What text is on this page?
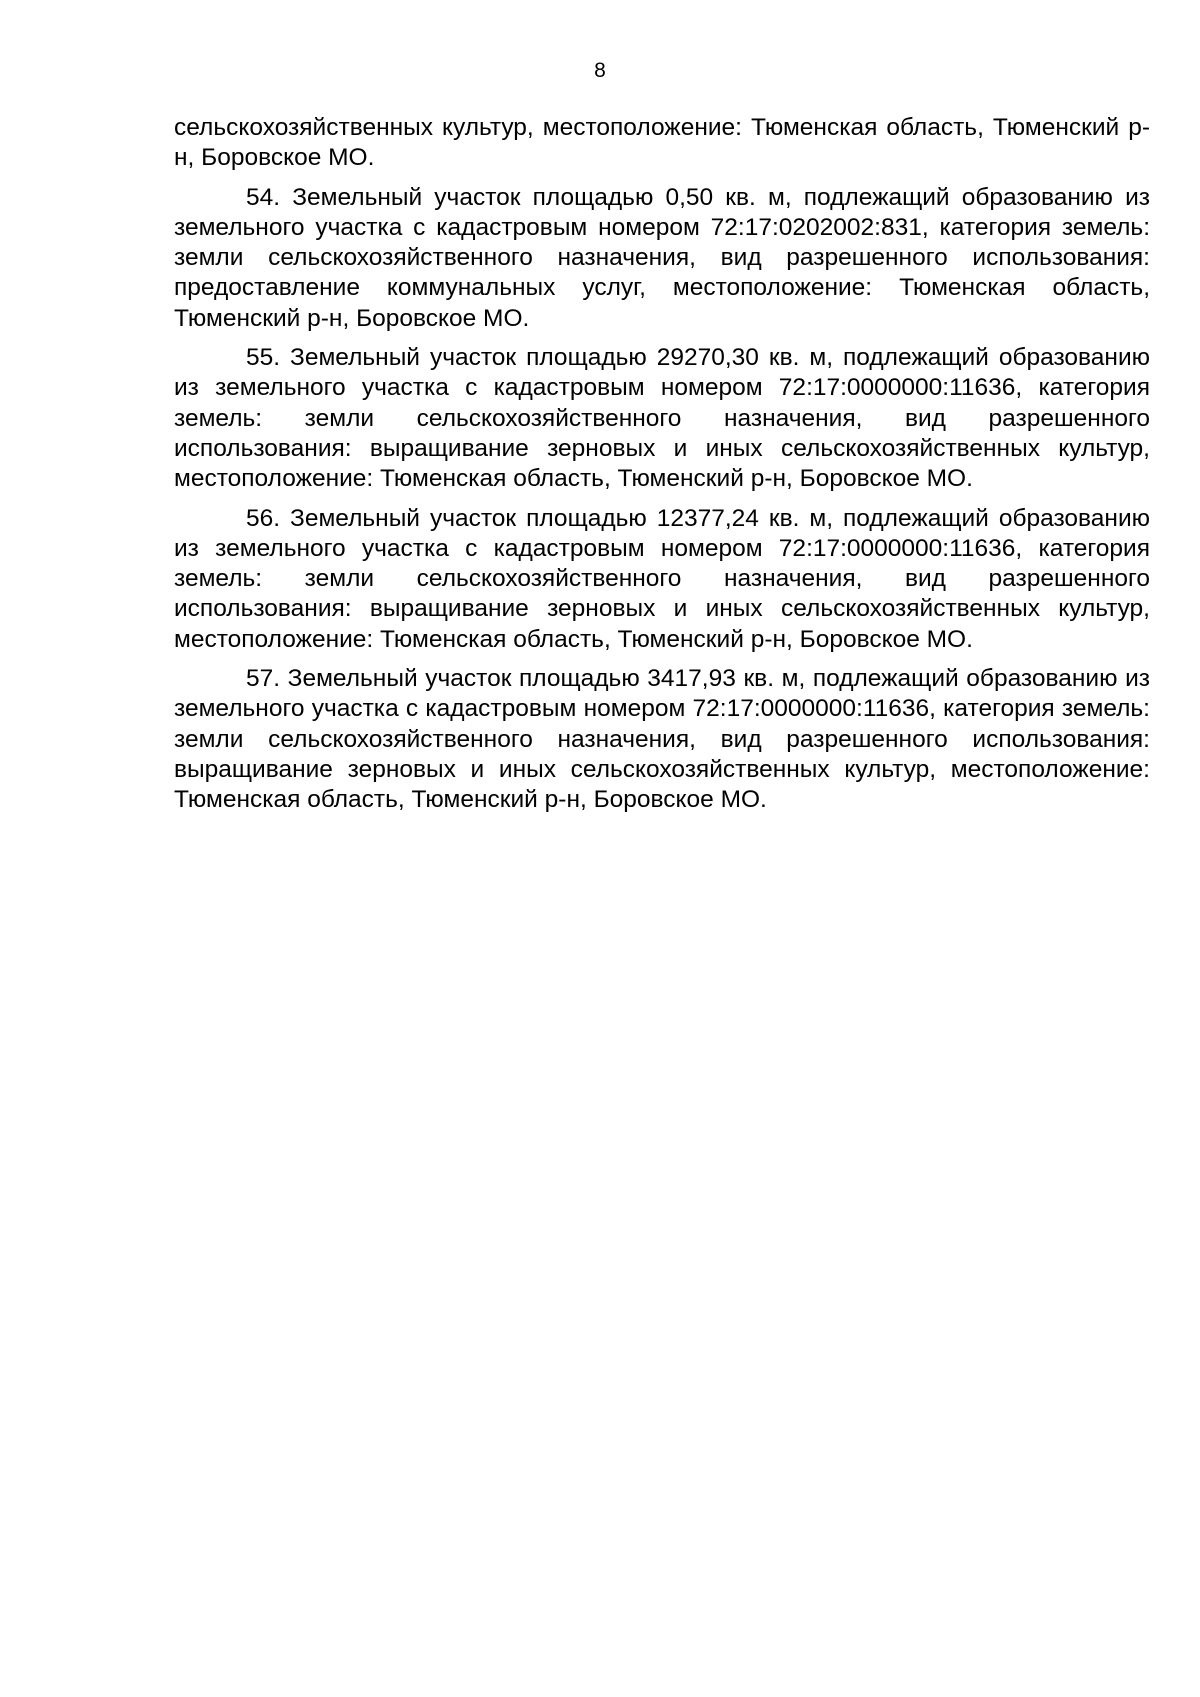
8

сельскохозяйственных культур, местоположение: Тюменская область, Тюменский р-н, Боровское МО.

54. Земельный участок площадью 0,50 кв. м, подлежащий образованию из земельного участка с кадастровым номером 72:17:0202002:831, категория земель: земли сельскохозяйственного назначения, вид разрешенного использования: предоставление коммунальных услуг, местоположение: Тюменская область, Тюменский р-н, Боровское МО.

55. Земельный участок площадью 29270,30 кв. м, подлежащий образованию из земельного участка с кадастровым номером 72:17:0000000:11636, категория земель: земли сельскохозяйственного назначения, вид разрешенного использования: выращивание зерновых и иных сельскохозяйственных культур, местоположение: Тюменская область, Тюменский р-н, Боровское МО.

56. Земельный участок площадью 12377,24 кв. м, подлежащий образованию из земельного участка с кадастровым номером 72:17:0000000:11636, категория земель: земли сельскохозяйственного назначения, вид разрешенного использования: выращивание зерновых и иных сельскохозяйственных культур, местоположение: Тюменская область, Тюменский р-н, Боровское МО.

57. Земельный участок площадью 3417,93 кв. м, подлежащий образованию из земельного участка с кадастровым номером 72:17:0000000:11636, категория земель: земли сельскохозяйственного назначения, вид разрешенного использования: выращивание зерновых и иных сельскохозяйственных культур, местоположение: Тюменская область, Тюменский р-н, Боровское МО.
